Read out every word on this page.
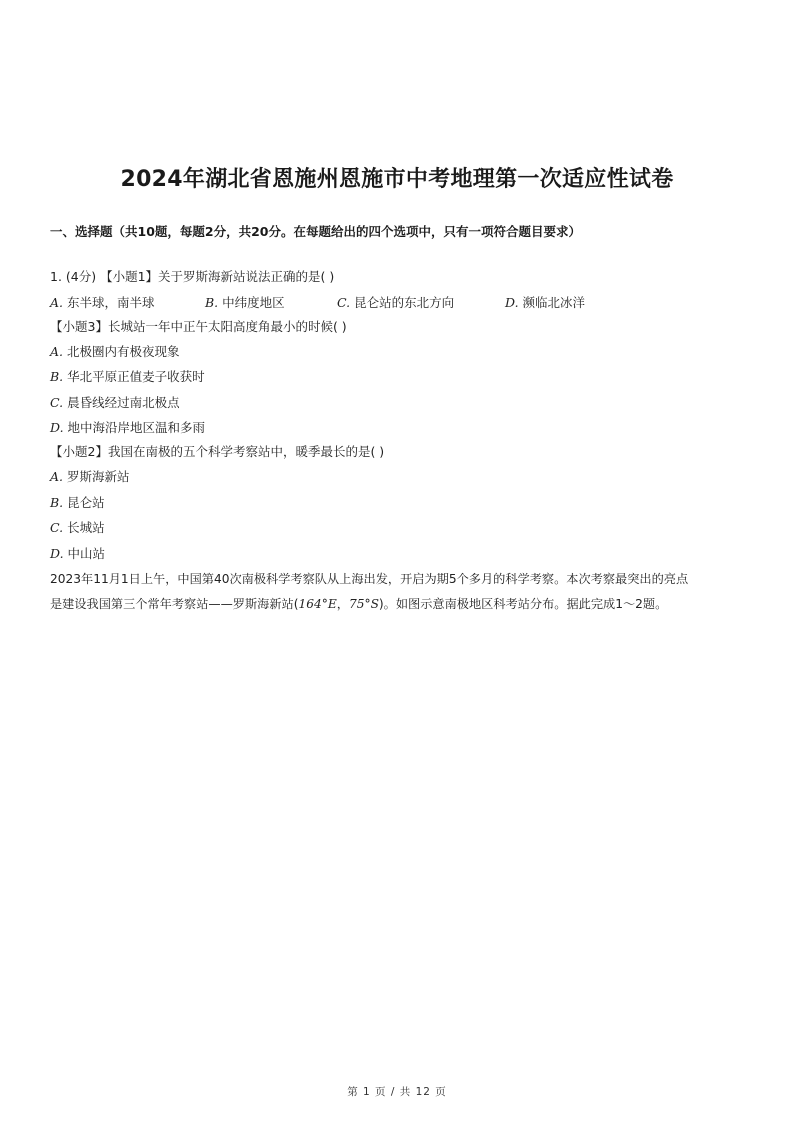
2024年湖北省恩施州恩施市中考地理第一次适应性试卷
一、选择题（共10题，每题2分，共20分。在每题给出的四个选项中，只有一项符合题目要求）
1. (4分) 【小题1】关于罗斯海新站说法正确的是( )
A. 东半球，南半球	B. 中纬度地区	C. 昆仑站的东北方向	D. 濒临北冰洋
【小题3】长城站一年中正午太阳高度角最小的时候( )
A. 北极圈内有极夜现象
B. 华北平原正值麦子收获时
C. 晨昏线经过南北极点
D. 地中海沿岸地区温和多雨
【小题2】我国在南极的五个科学考察站中，暖季最长的是( )
A. 罗斯海新站
B. 昆仑站
C. 长城站
D. 中山站
2023年11月1日上午，中国第40次南极科学考察队从上海出发，开启为期5个多月的科学考察。本次考察最突出的亮点
是建设我国第三个常年考察站——罗斯海新站(164°E，75°S)。如图示意南极地区科考站分布。据此完成1～2题。
第 1 页 / 共 12 页
